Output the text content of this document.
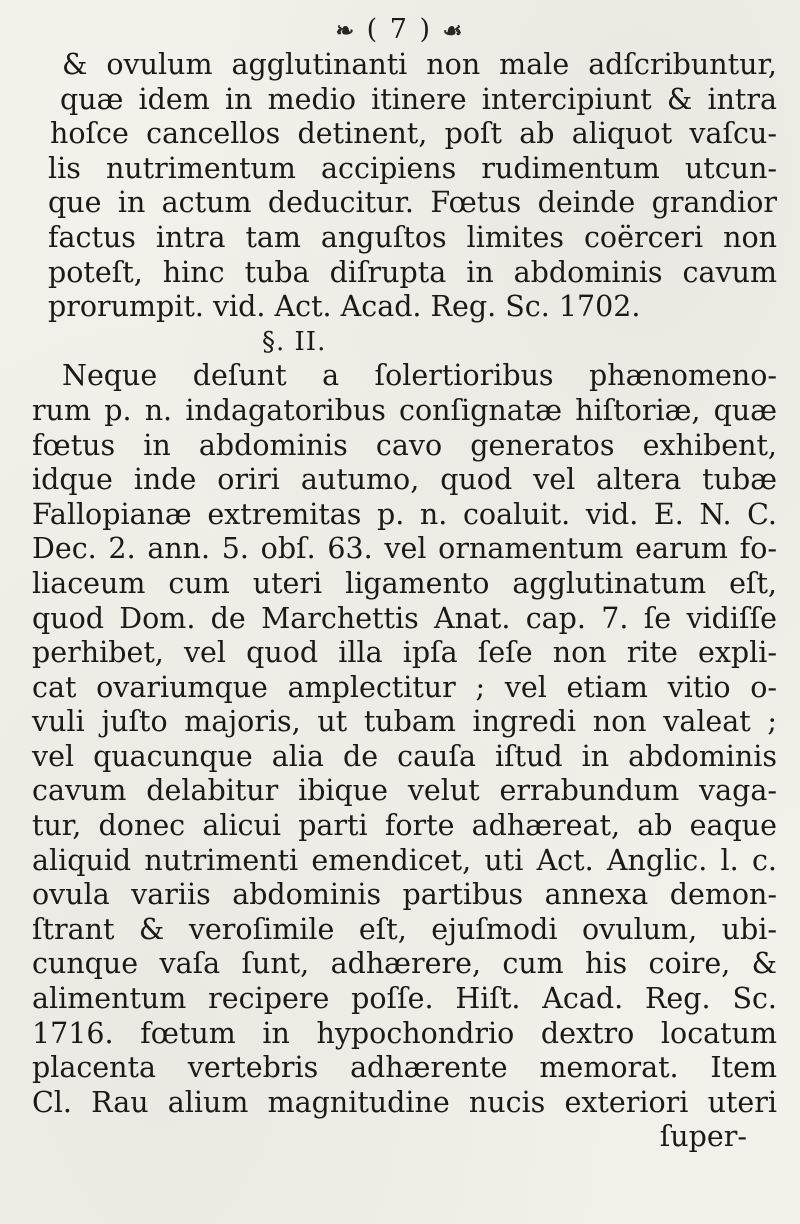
❧ ( 7 ) ☙
& ovulum agglutinanti non male adſcribuntur,
quæ idem in medio itinere intercipiunt & intra
hoſce cancellos detinent, poſt ab aliquot vaſcu-
lis nutrimentum accipiens rudimentum utcun-
que in actum deducitur. Fœtus deinde grandior
factus intra tam anguſtos limites coërceri non
poteſt, hinc tuba diſrupta in abdominis cavum
prorumpit. vid. Act. Acad. Reg. Sc. 1702.
§. II.
Neque deſunt a ſolertioribus phænomeno-
rum p. n. indagatoribus conſignatæ hiſtoriæ, quæ
fœtus in abdominis cavo generatos exhibent,
idque inde oriri autumo, quod vel altera tubæ
Fallopianæ extremitas p. n. coaluit. vid. E. N. C.
Dec. 2. ann. 5. obſ. 63. vel ornamentum earum fo-
liaceum cum uteri ligamento agglutinatum eſt,
quod Dom. de Marchettis Anat. cap. 7. ſe vidiſſe
perhibet, vel quod illa ipſa ſeſe non rite expli-
cat ovariumque amplectitur ; vel etiam vitio o-
vuli juſto majoris, ut tubam ingredi non valeat ;
vel quacunque alia de cauſa iſtud in abdominis
cavum delabitur ibique velut errabundum vaga-
tur, donec alicui parti forte adhæreat, ab eaque
aliquid nutrimenti emendicet, uti Act. Anglic. l. c.
ovula variis abdominis partibus annexa demon-
ſtrant & veroſimile eſt, ejuſmodi ovulum, ubi-
cunque vaſa ſunt, adhærere, cum his coire, &
alimentum recipere poſſe. Hiſt. Acad. Reg. Sc.
1716. fœtum in hypochondrio dextro locatum
placenta vertebris adhærente memorat. Item
Cl. Rau alium magnitudine nucis exteriori uteri
ſuper-
